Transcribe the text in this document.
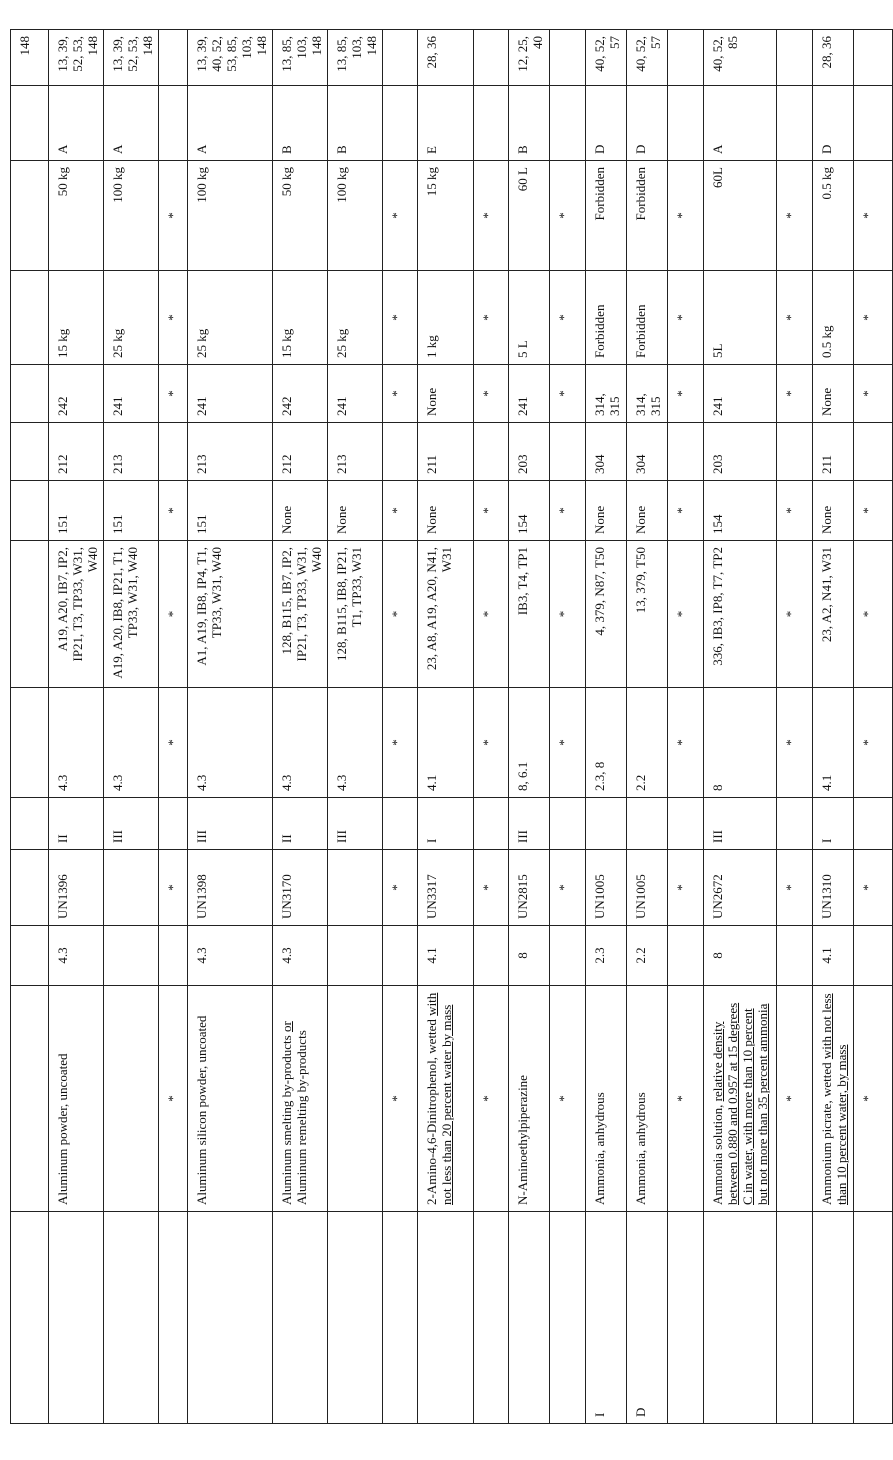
													148
	Aluminum powder, uncoated	4.3	UN1396	II	4.3	A19, A20, IB7, IP2, IP21, T3, TP33, W31, W40	151	212	242	15 kg	50 kg	A	13, 39, 52, 53, 148
				III	4.3	A19, A20, IB8, IP21, T1, TP33, W31, W40	151	213	241	25 kg	100 kg	A	13, 39, 52, 53, 148
	*		*		*	*	*		*	*	*		
	Aluminum silicon powder, uncoated	4.3	UN1398	III	4.3	A1, A19, IB8, IP4, T1, TP33, W31, W40	151	213	241	25 kg	100 kg	A	13, 39, 40, 52, 53, 85, 103, 148
	Aluminum smelting by-products or Aluminum remelting by-products	4.3	UN3170	II	4.3	128, B115, IB7, IP2, IP21, T3, TP33, W31, W40	None	212	242	15 kg	50 kg	B	13, 85, 103, 148
				III	4.3	128, B115, IB8, IP21, T1, TP33, W31	None	213	241	25 kg	100 kg	B	13, 85, 103, 148
	*		*		*	*	*		*	*	*		
	2-Amino-4,6-Dinitrophenol, wetted with not less than 20 percent water by mass	4.1	UN3317	I	4.1	23, A8, A19, A20, N41, W31	None	211	None	1 kg	15 kg	E	28, 36
	*		*		*	*	*		*	*	*		
	N-Aminoethylpiperazine	8	UN2815	III	8, 6.1	IB3, T4, TP1	154	203	241	5 L	60 L	B	12, 25, 40
	*		*		*	*	*		*	*	*		
I	Ammonia, anhydrous	2.3	UN1005		2.3, 8	4, 379, N87, T50	None	304	314, 315	Forbidden	Forbidden	D	40, 52, 57
D	Ammonia, anhydrous	2.2	UN1005		2.2	13, 379, T50	None	304	314, 315	Forbidden	Forbidden	D	40, 52, 57
	*		*		*	*	*		*	*	*		
	Ammonia solution, relative density between 0.880 and 0.957 at 15 degrees C in water, with more than 10 percent but not more than 35 percent ammonia	8	UN2672	III	8	336, IB3, IP8, T7, TP2	154	203	241	5L	60L	A	40, 52, 85
	*		*		*	*	*		*	*	*		
	Ammonium picrate, wetted with not less than 10 percent water, by mass	4.1	UN1310	I	4.1	23, A2, N41, W31	None	211	None	0.5 kg	0.5 kg	D	28, 36
	*		*		*	*	*		*	*	*		
